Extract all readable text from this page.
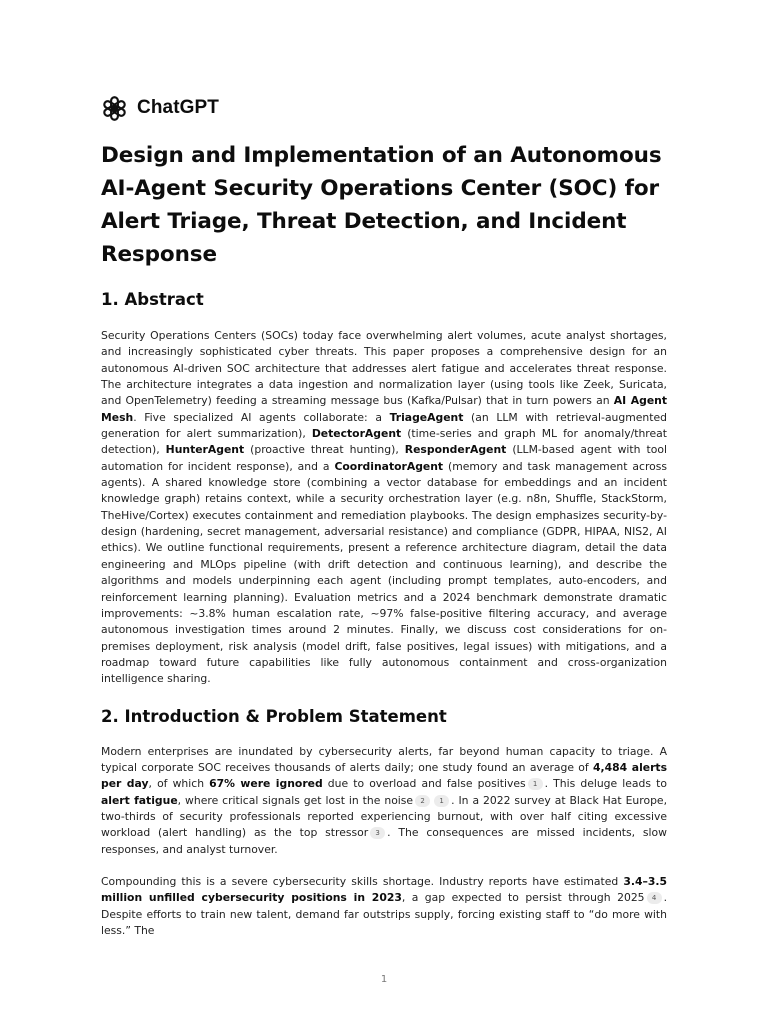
ChatGPT
Design and Implementation of an Autonomous AI-Agent Security Operations Center (SOC) for Alert Triage, Threat Detection, and Incident Response
1. Abstract

Security Operations Centers (SOCs) today face overwhelming alert volumes, acute analyst shortages, and increasingly sophisticated cyber threats. This paper proposes a comprehensive design for an autonomous AI-driven SOC architecture that addresses alert fatigue and accelerates threat response. The architecture integrates a data ingestion and normalization layer (using tools like Zeek, Suricata, and OpenTelemetry) feeding a streaming message bus (Kafka/Pulsar) that in turn powers an AI Agent Mesh. Five specialized AI agents collaborate: a TriageAgent (an LLM with retrieval-augmented generation for alert summarization), DetectorAgent (time-series and graph ML for anomaly/threat detection), HunterAgent (proactive threat hunting), ResponderAgent (LLM-based agent with tool automation for incident response), and a CoordinatorAgent (memory and task management across agents). A shared knowledge store (combining a vector database for embeddings and an incident knowledge graph) retains context, while a security orchestration layer (e.g. n8n, Shuffle, StackStorm, TheHive/Cortex) executes containment and remediation playbooks. The design emphasizes security-by-design (hardening, secret management, adversarial resistance) and compliance (GDPR, HIPAA, NIS2, AI ethics). We outline functional requirements, present a reference architecture diagram, detail the data engineering and MLOps pipeline (with drift detection and continuous learning), and describe the algorithms and models underpinning each agent (including prompt templates, auto-encoders, and reinforcement learning planning). Evaluation metrics and a 2024 benchmark demonstrate dramatic improvements: ~3.8% human escalation rate, ~97% false-positive filtering accuracy, and average autonomous investigation times around 2 minutes. Finally, we discuss cost considerations for on-premises deployment, risk analysis (model drift, false positives, legal issues) with mitigations, and a roadmap toward future capabilities like fully autonomous containment and cross-organization intelligence sharing.

2. Introduction & Problem Statement

Modern enterprises are inundated by cybersecurity alerts, far beyond human capacity to triage. A typical corporate SOC receives thousands of alerts daily; one study found an average of 4,484 alerts per day, of which 67% were ignored due to overload and false positives 1 . This deluge leads to alert fatigue, where critical signals get lost in the noise 2 1 . In a 2022 survey at Black Hat Europe, two-thirds of security professionals reported experiencing burnout, with over half citing excessive workload (alert handling) as the top stressor 3 . The consequences are missed incidents, slow responses, and analyst turnover.

Compounding this is a severe cybersecurity skills shortage. Industry reports have estimated 3.4–3.5 million unfilled cybersecurity positions in 2023, a gap expected to persist through 2025 4 . Despite efforts to train new talent, demand far outstrips supply, forcing existing staff to “do more with less.” The

1
